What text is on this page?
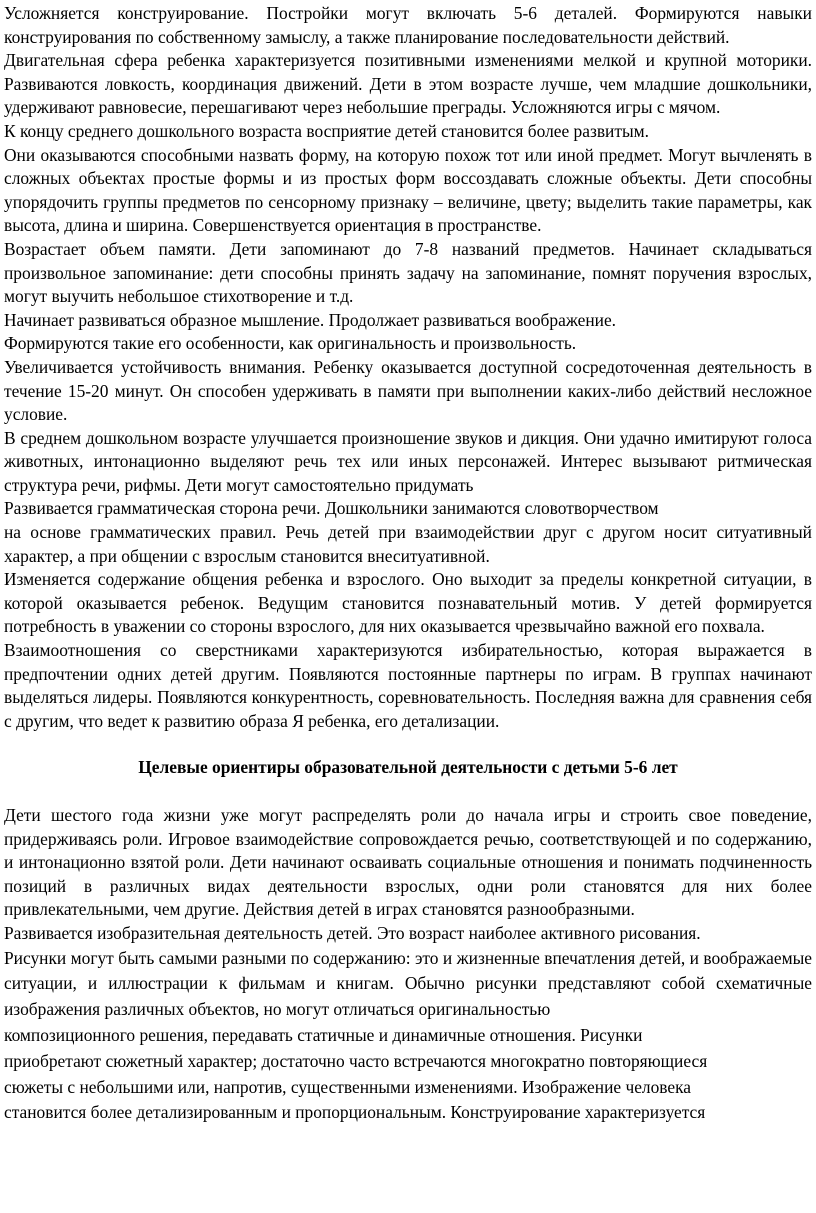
Усложняется конструирование. Постройки могут включать 5-6 деталей. Формируются навыки конструирования по собственному замыслу, а также планирование последовательности действий.

Двигательная сфера ребенка характеризуется позитивными изменениями мелкой и крупной моторики. Развиваются ловкость, координация движений. Дети в этом возрасте лучше, чем младшие дошкольники, удерживают равновесие, перешагивают через небольшие преграды. Усложняются игры с мячом.

К концу среднего дошкольного возраста восприятие детей становится более развитым.

Они оказываются способными назвать форму, на которую похож тот или иной предмет. Могут вычленять в сложных объектах простые формы и из простых форм воссоздавать сложные объекты. Дети способны упорядочить группы предметов по сенсорному признаку – величине, цвету; выделить такие параметры, как высота, длина и ширина. Совершенствуется ориентация в пространстве.

Возрастает объем памяти. Дети запоминают до 7-8 названий предметов. Начинает складываться произвольное запоминание: дети способны принять задачу на запоминание, помнят поручения взрослых, могут выучить небольшое стихотворение и т.д.

Начинает развиваться образное мышление. Продолжает развиваться воображение.

Формируются такие его особенности, как оригинальность и произвольность.

Увеличивается устойчивость внимания. Ребенку оказывается доступной сосредоточенная деятельность в течение 15-20 минут. Он способен удерживать в памяти при выполнении каких-либо действий несложное условие.

В среднем дошкольном возрасте улучшается произношение звуков и дикция. Они удачно имитируют голоса животных, интонационно выделяют речь тех или иных персонажей. Интерес вызывают ритмическая структура речи, рифмы. Дети могут самостоятельно придумать

Развивается грамматическая сторона речи. Дошкольники занимаются словотворчеством

на основе грамматических правил. Речь детей при взаимодействии друг с другом носит ситуативный характер, а при общении с взрослым становится внеситуативной.

Изменяется содержание общения ребенка и взрослого. Оно выходит за пределы конкретной ситуации, в которой оказывается ребенок. Ведущим становится познавательный мотив. У детей формируется потребность в уважении со стороны взрослого, для них оказывается чрезвычайно важной его похвала.

Взаимоотношения со сверстниками характеризуются избирательностью, которая выражается в предпочтении одних детей другим. Появляются постоянные партнеры по играм. В группах начинают выделяться лидеры. Появляются конкурентность, соревновательность. Последняя важна для сравнения себя с другим, что ведет к развитию образа Я ребенка, его детализации.

Целевые ориентиры образовательной деятельности с детьми 5-6 лет

Дети шестого года жизни уже могут распределять роли до начала игры и строить свое поведение, придерживаясь роли. Игровое взаимодействие сопровождается речью, соответствующей и по содержанию, и интонационно взятой роли. Дети начинают осваивать социальные отношения и понимать подчиненность позиций в различных видах деятельности взрослых, одни роли становятся для них более привлекательными, чем другие. Действия детей в играх становятся разнообразными.

Развивается изобразительная деятельность детей. Это возраст наиболее активного рисования.

Рисунки могут быть самыми разными по содержанию: это и жизненные впечатления детей, и воображаемые ситуации, и иллюстрации к фильмам и книгам. Обычно рисунки представляют собой схематичные изображения различных объектов, но могут отличаться оригинальностью

композиционного решения, передавать статичные и динамичные отношения. Рисунки

приобретают сюжетный характер; достаточно часто встречаются многократно повторяющиеся

сюжеты с небольшими или, напротив, существенными изменениями. Изображение человека

становится более детализированным и пропорциональным. Конструирование характеризуется
